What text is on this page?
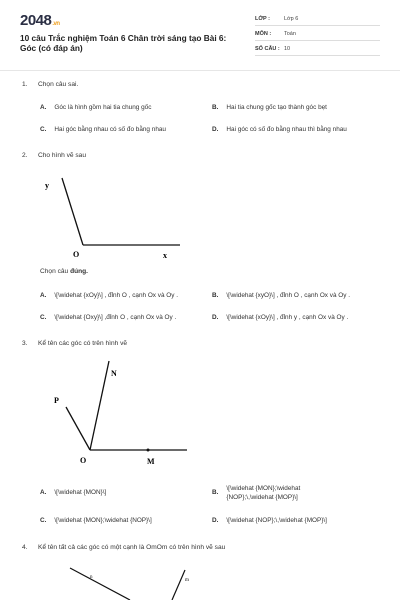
2048.vn
10 câu Trắc nghiệm Toán 6 Chân trời sáng tạo Bài 6: Góc (có đáp án)
LỚP :	Lớp 6
MÔN : Toán
SỐ CÂU : 10
1. Chọn câu sai.
A. Góc là hình gồm hai tia chung gốc	B. Hai tia chung gốc tạo thành góc bẹt
C. Hai góc bằng nhau có số đo bằng nhau	D. Hai góc có số đo bằng nhau thì bằng nhau
2. Cho hình vẽ sau
y
O	x
Chọn câu đúng.
A. \[\widehat {xOy}\] , đỉnh O , cạnh Ox và Oy .	B. \[\widehat {xyO}\] , đỉnh O , cạnh Ox và Oy .
C. \[\widehat {Oxy}\] ,đỉnh O , cạnh Ox và Oy .	D. \[\widehat {xOy}\] , đỉnh y , cạnh Ox và Oy .
3. Kể tên các góc có trên hình vẽ
N
P
O	M
A. \[\widehat {MON}\]	B.
\[\widehat {MON};\widehat
{NOP};\,\widehat {MOP}\]
C. \[\widehat {MON};\widehat {NOP}\]	D. \[\widehat {NOP};\,\widehat {MOP}\]
4. Kể tên tất cả các góc có một cạnh là OmOm có trên hình vẽ sau
n
m
